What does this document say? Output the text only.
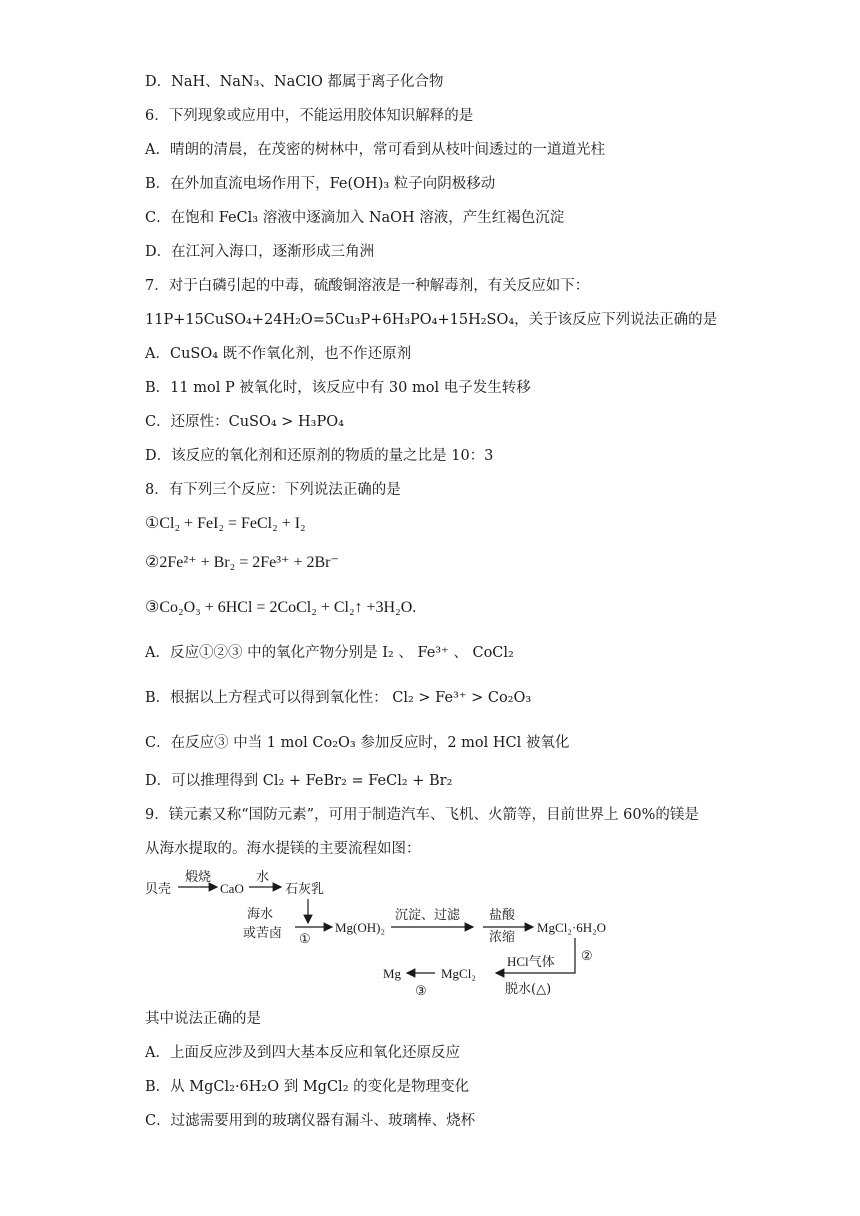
D．NaH、NaN₃、NaClO 都属于离子化合物
6．下列现象或应用中，不能运用胶体知识解释的是
A．晴朗的清晨，在茂密的树林中，常可看到从枝叶间透过的一道道光柱
B．在外加直流电场作用下，Fe(OH)₃ 粒子向阴极移动
C．在饱和 FeCl₃ 溶液中逐滴加入 NaOH 溶液，产生红褐色沉淀
D．在江河入海口，逐渐形成三角洲
7．对于白磷引起的中毒，硫酸铜溶液是一种解毒剂，有关反应如下：
11P+15CuSO₄+24H₂O=5Cu₃P+6H₃PO₄+15H₂SO₄，关于该反应下列说法正确的是
A．CuSO₄ 既不作氧化剂，也不作还原剂
B．11 mol P 被氧化时，该反应中有 30 mol 电子发生转移
C．还原性：CuSO₄ > H₃PO₄
D．该反应的氧化剂和还原剂的物质的量之比是 10：3
8．有下列三个反应：下列说法正确的是
①Cl₂ + FeI₂ = FeCl₂ + I₂
②2Fe²⁺ + Br₂ = 2Fe³⁺ + 2Br⁻
③Co₂O₃ + 6HCl = 2CoCl₂ + Cl₂↑ +3H₂O.
A．反应①②③ 中的氧化产物分别是 I₂ 、 Fe³⁺ 、 CoCl₂
B．根据以上方程式可以得到氧化性： Cl₂ > Fe³⁺ > Co₂O₃
C．在反应③ 中当 1 mol Co₂O₃ 参加反应时，2 mol HCl 被氧化
D．可以推理得到 Cl₂ + FeBr₂ = FeCl₂ + Br₂
9．镁元素又称“国防元素”，可用于制造汽车、飞机、火箭等，目前世界上 60%的镁是
从海水提取的。海水提镁的主要流程如图：
贝壳
煅烧
CaO
水
石灰乳
海水
或苦卤 ①
Mg(OH)₂
沉淀、过滤 盐酸
浓缩
MgCl₂·6H₂O
②
HCl气体
脱水(△)
MgCl₂
Mg
③
其中说法正确的是
A．上面反应涉及到四大基本反应和氧化还原反应
B．从 MgCl₂·6H₂O 到 MgCl₂ 的变化是物理变化
C．过滤需要用到的玻璃仪器有漏斗、玻璃棒、烧杯
